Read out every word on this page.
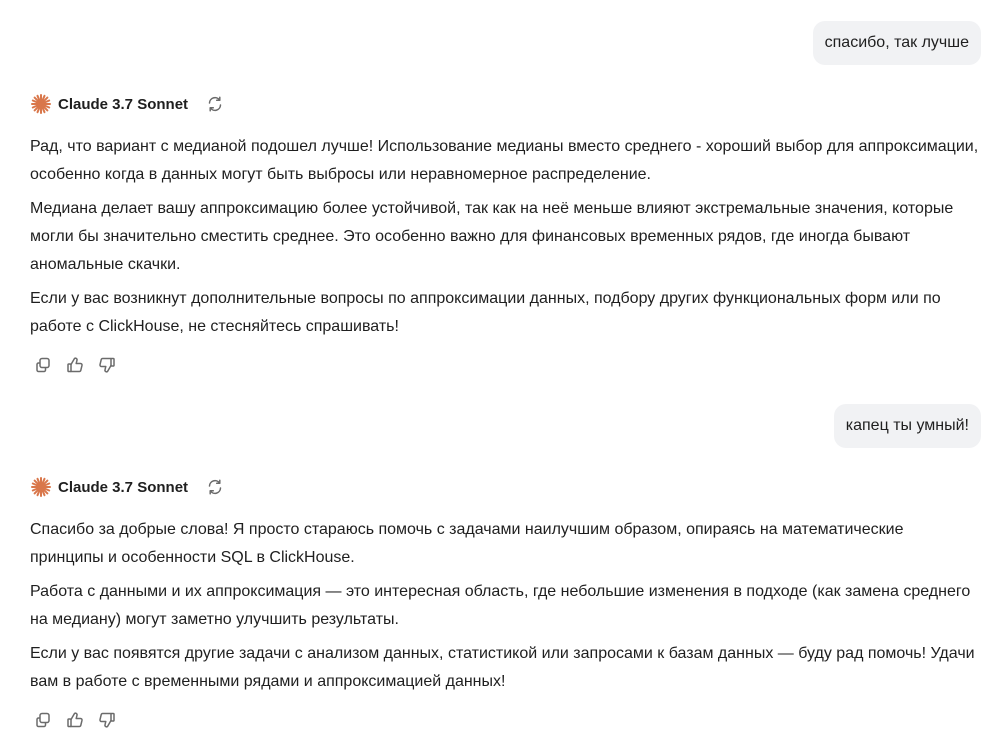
спасибо, так лучше
Claude 3.7 Sonnet

Рад, что вариант с медианой подошел лучше! Использование медианы вместо среднего - хороший выбор для аппроксимации, особенно когда в данных могут быть выбросы или неравномерное распределение.

Медиана делает вашу аппроксимацию более устойчивой, так как на неё меньше влияют экстремальные значения, которые могли бы значительно сместить среднее. Это особенно важно для финансовых временных рядов, где иногда бывают аномальные скачки.

Если у вас возникнут дополнительные вопросы по аппроксимации данных, подбору других функциональных форм или по работе с ClickHouse, не стесняйтесь спрашивать!

капец ты умный!
Claude 3.7 Sonnet

Спасибо за добрые слова! Я просто стараюсь помочь с задачами наилучшим образом, опираясь на математические принципы и особенности SQL в ClickHouse.

Работа с данными и их аппроксимация — это интересная область, где небольшие изменения в подходе (как замена среднего на медиану) могут заметно улучшить результаты.

Если у вас появятся другие задачи с анализом данных, статистикой или запросами к базам данных — буду рад помочь! Удачи вам в работе с временными рядами и аппроксимацией данных!
